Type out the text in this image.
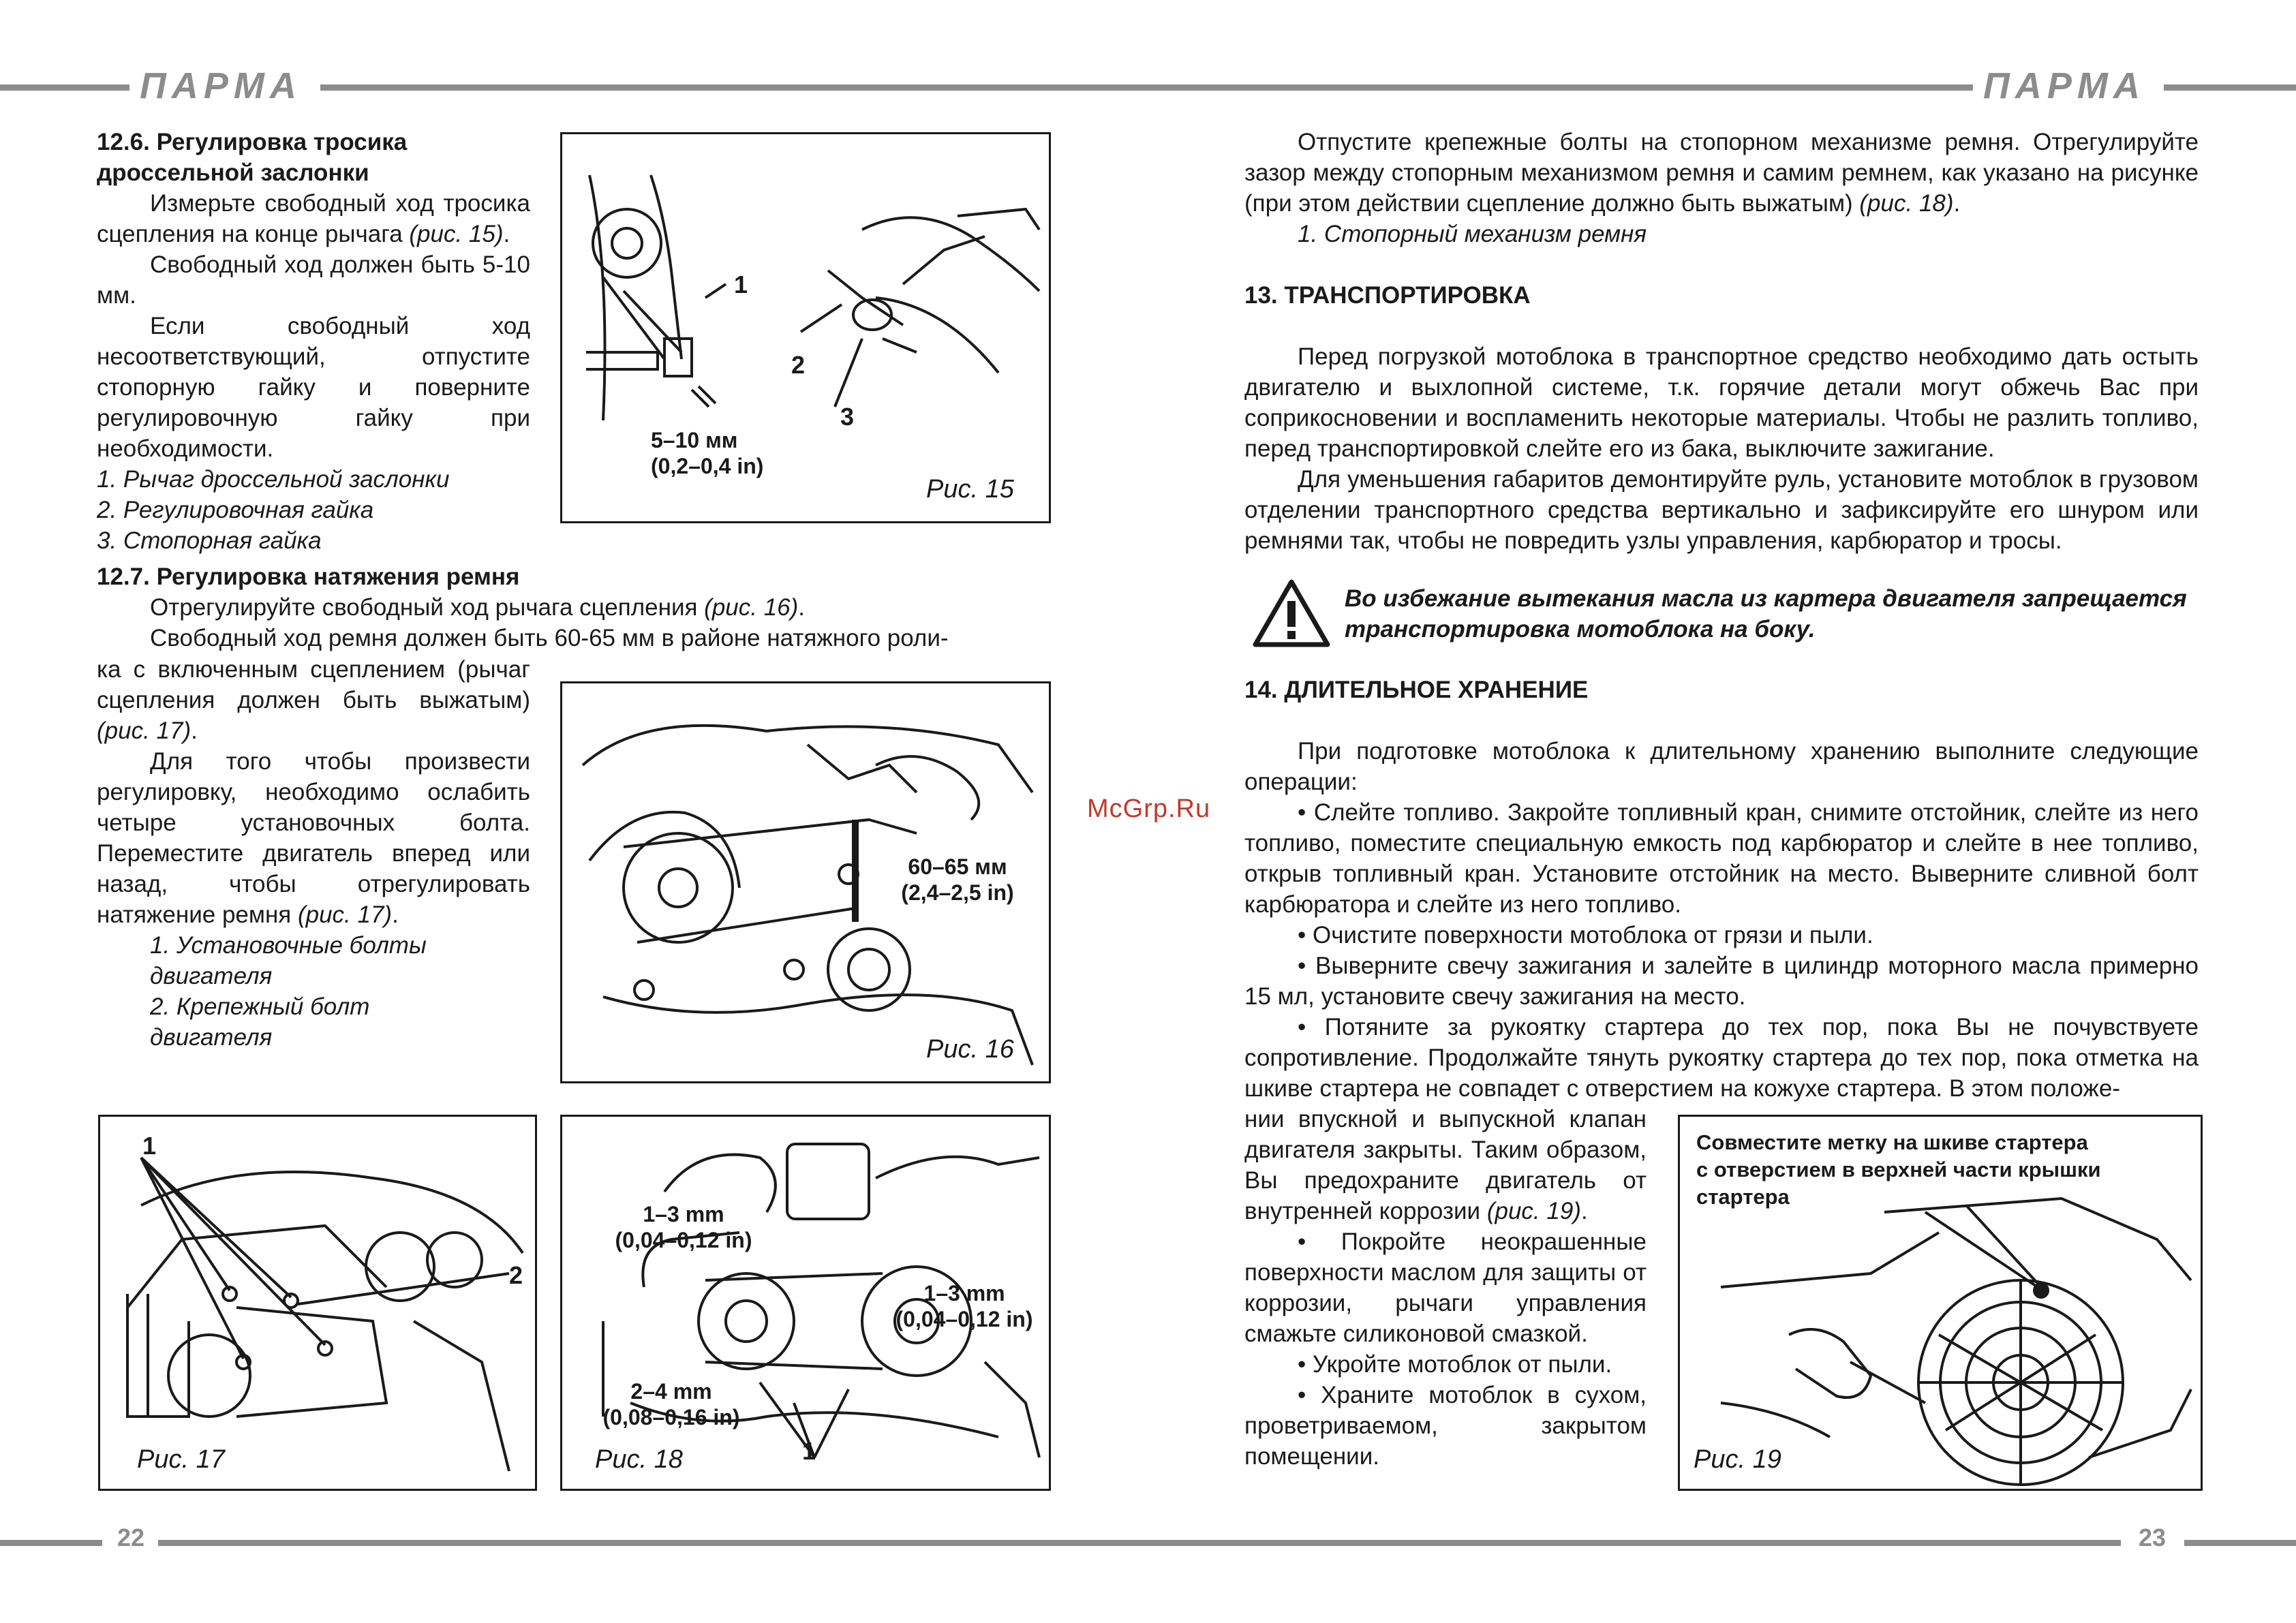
ПАРМА	ПАРМА
22	23
McGrp.Ru

12.6. Регулировка тросика

дроссельной заслонки

Измерьте свободный ход тросика сцепления на конце рычага (рис. 15).

Свободный ход должен быть 5-10 мм.

Если свободный ход несоответствующий, отпустите стопорную гайку и поверните регулировочную гайку при необходимости.

1. Рычаг дроссельной заслонки

2. Регулировочная гайка

3. Стопорная гайка

12.7. Регулировка натяжения ремня

Отрегулируйте свободный ход рычага сцепления (рис. 16).

Свободный ход ремня должен быть 60-65 мм в районе натяжного роли-

ка с включенным сцеплением (рычаг сцепления должен быть выжатым) (рис. 17).

Для того чтобы произвести регулировку, необходимо ослабить четыре установочных болта. Переместите двигатель вперед или назад, чтобы отрегулировать натяжение ремня (рис. 17).

1. Установочные болты

двигателя

2. Крепежный болт

двигателя

1
2
3
5–10 мм
(0,2–0,4 in)
Рис. 15
60–65 мм
(2,4–2,5 in)
Рис. 16
1
2
Рис. 17
1–3 mm
(0,04–0,12 in)
1–3 mm
(0,04–0,12 in)
2–4 mm
(0,08–0,16 in)
1
Рис. 18

Отпустите крепежные болты на стопорном механизме ремня. Отрегулируйте зазор между стопорным механизмом ремня и самим ремнем, как указано на рисунке (при этом действии сцепление должно быть выжатым) (рис. 18).

1. Стопорный механизм ремня

13. ТРАНСПОРТИРОВКА

Перед погрузкой мотоблока в транспортное средство необходимо дать остыть двигателю и выхлопной системе, т.к. горячие детали могут обжечь Вас при соприкосновении и воспламенить некоторые материалы. Чтобы не разлить топливо, перед транспортировкой слейте его из бака, выключите зажигание.

Для уменьшения габаритов демонтируйте руль, установите мотоблок в грузовом отделении транспортного средства вертикально и зафиксируйте его шнуром или ремнями так, чтобы не повредить узлы управления, карбюратор и тросы.

Во избежание вытекания масла из картера двигателя запрещается транспортировка мотоблока на боку.

14. ДЛИТЕЛЬНОЕ ХРАНЕНИЕ

При подготовке мотоблока к длительному хранению выполните следующие операции:

• Слейте топливо. Закройте топливный кран, снимите отстойник, слейте из него топливо, поместите специальную емкость под карбюратор и слейте в нее топливо, открыв топливный кран. Установите отстойник на место. Выверните сливной болт карбюратора и слейте из него топливо.

• Очистите поверхности мотоблока от грязи и пыли.

• Выверните свечу зажигания и залейте в цилиндр моторного масла примерно 15 мл, установите свечу зажигания на место.

• Потяните за рукоятку стартера до тех пор, пока Вы не почувствуете сопротивление. Продолжайте тянуть рукоятку стартера до тех пор, пока отметка на шкиве стартера не совпадет с отверстием на кожухе стартера. В этом положе-

нии впускной и выпускной клапан двигателя закрыты. Таким образом, Вы предохраните двигатель от внутренней коррозии (рис. 19).

• Покройте неокрашенные поверхности маслом для защиты от коррозии, рычаги управления смажьте силиконовой смазкой.

• Укройте мотоблок от пыли.

• Храните мотоблок в сухом, проветриваемом, закрытом помещении.

Совместите метку на шкиве стартера
с отверстием в верхней части крышки
стартера
Рис. 19
